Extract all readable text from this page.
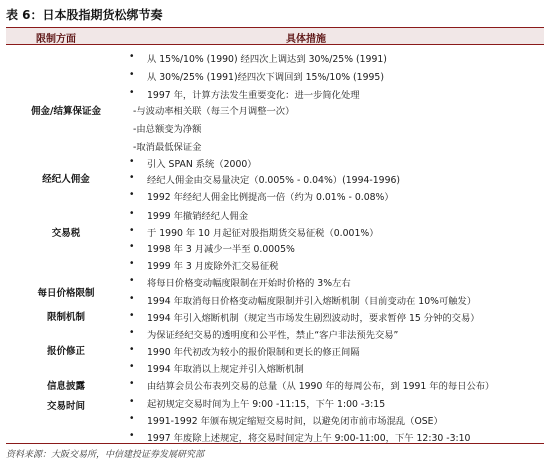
表 6：日本股指期货松绑节奏
限制方面	具体措施
佣金/结算保证金
经纪人佣金
交易税
每日价格限制
限制机制
报价修正
信息披露
交易时间
• 从 15%/10% (1990) 经四次上调达到 30%/25% (1991)
• 从 30%/25% (1991)经四次下调回到 15%/10% (1995)
• 1997 年，计算方法发生重要变化：进一步简化处理
-与波动率相关联（每三个月调整一次）
-由总额变为净额
-取消最低保证金
• 引入 SPAN 系统（2000）
• 经纪人佣金由交易量决定（0.005% - 0.04%）(1994-1996)
• 1992 年经纪人佣金比例提高一倍（约为 0.01% - 0.08%）
• 1999 年撤销经纪人佣金
• 于 1990 年 10 月起征对股指期货交易征税（0.001%）
• 1998 年 3 月减少一半至 0.0005%
• 1999 年 3 月废除外汇交易征税
• 将每日价格变动幅度限制在开始时价格的 3%左右
• 1994 年取消每日价格变动幅度限制并引入熔断机制（目前变动在 10%可触发）
• 1994 年引入熔断机制（规定当市场发生剧烈波动时，要求暂停 15 分钟的交易）
• 为保证经纪交易的透明度和公平性，禁止“客户非法预先交易”
• 1990 年代初改为较小的报价限制和更长的修正间隔
• 1994 年取消以上规定并引入熔断机制
• 由结算会员公布表列交易的总量（从 1990 年的每周公布，到 1991 年的每日公布）
• 起初规定交易时间为上午 9:00 -11:15，下午 1:00 -3:15
• 1991-1992 年颁布规定缩短交易时间，以避免闭市前市场混乱（OSE）
• 1997 年废除上述规定，将交易时间定为上午 9:00-11:00，下午 12:30 -3:10
资料来源：大阪交易所，中信建投证券发展研究部
